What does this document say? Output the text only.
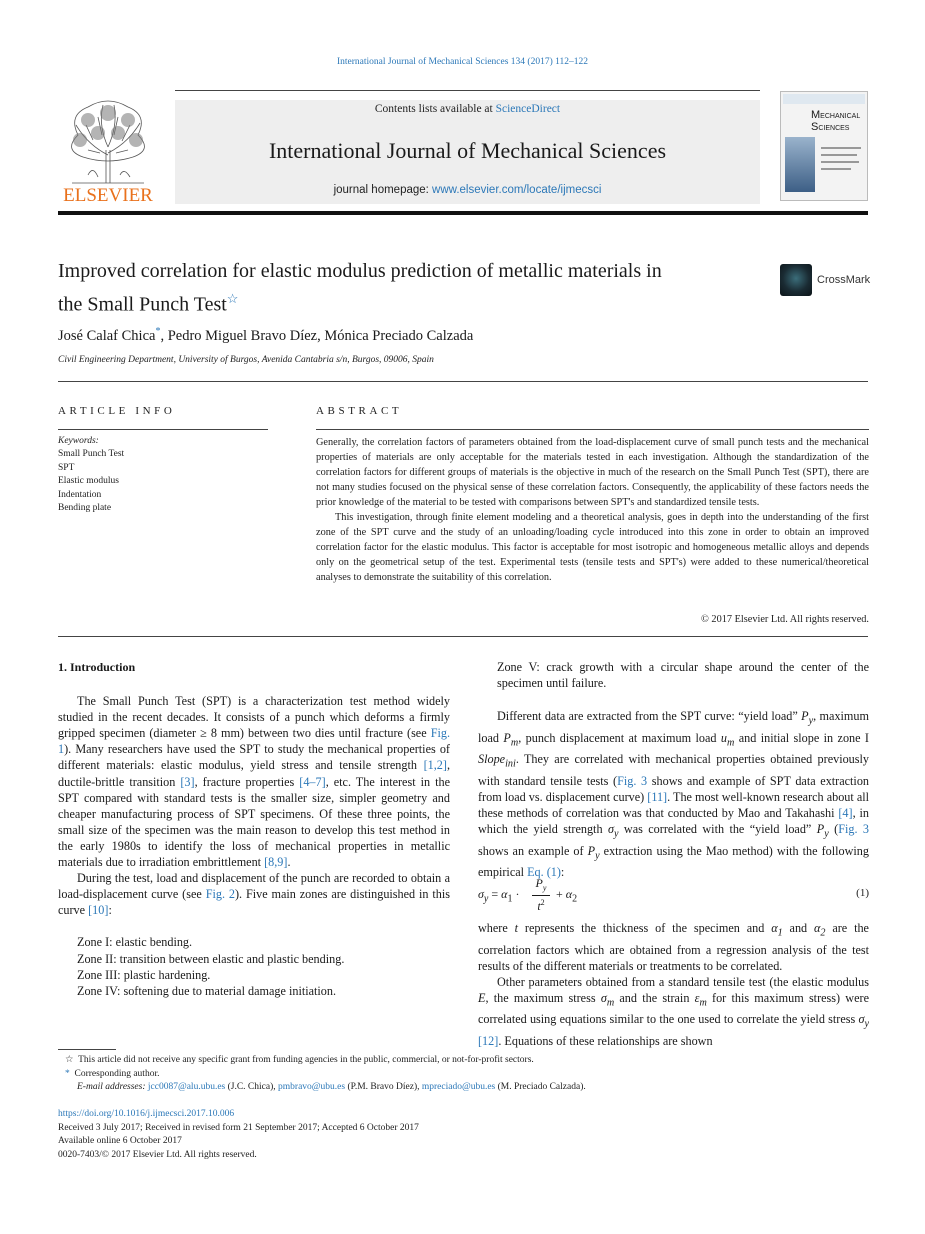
International Journal of Mechanical Sciences 134 (2017) 112–122
ELSEVIER
Contents lists available at ScienceDirect
International Journal of Mechanical Sciences
journal homepage: www.elsevier.com/locate/ijmecsci
MECHANICAL
SCIENCES
Improved correlation for elastic modulus prediction of metallic materials in
the Small Punch Test☆
CrossMark
José Calaf Chica*, Pedro Miguel Bravo Díez, Mónica Preciado Calzada
Civil Engineering Department, University of Burgos, Avenida Cantabria s/n, Burgos, 09006, Spain
ARTICLE INFO
Keywords:
Small Punch Test
SPT
Elastic modulus
Indentation
Bending plate
ABSTRACT

Generally, the correlation factors of parameters obtained from the load-displacement curve of small punch tests and the mechanical properties of materials are only acceptable for the materials tested in each investigation. Although the standardization of the correlation factors for different groups of materials is the objective in much of the research on the Small Punch Test (SPT), there are not many studies focused on the physical sense of these correlation factors. Consequently, the applicability of these factors needs the prior knowledge of the material to be tested with comparisons between SPT's and standardized tensile tests.

This investigation, through finite element modeling and a theoretical analysis, goes in depth into the understanding of the first zone of the SPT curve and the study of an unloading/loading cycle introduced into this zone in order to obtain an improved correlation factor for the elastic modulus. This factor is acceptable for most isotropic and homogeneous metallic alloys and depends only on the geometrical setup of the test. Experimental tests (tensile tests and SPT's) were added to these numerical/theoretical analyses to demonstrate the suitability of this correlation.

© 2017 Elsevier Ltd. All rights reserved.

1. Introduction

The Small Punch Test (SPT) is a characterization test method widely studied in the recent decades. It consists of a punch which deforms a firmly gripped specimen (diameter ≥ 8 mm) between two dies until fracture (see Fig. 1). Many researchers have used the SPT to study the mechanical properties of different materials: elastic modulus, yield stress and tensile strength [1,2], ductile-brittle transition [3], fracture properties [4–7], etc. The interest in the SPT compared with standard tests is the smaller size, simpler geometry and cheaper manufacturing process of SPT specimens. Of these three points, the small size of the specimen was the main reason to develop this test method in the early 1980s to identify the loss of mechanical properties in metallic materials due to irradiation embrittlement [8,9].

During the test, load and displacement of the punch are recorded to obtain a load-displacement curve (see Fig. 2). Five main zones are distinguished in this curve [10]:

Zone I: elastic bending.

Zone II: transition between elastic and plastic bending.

Zone III: plastic hardening.

Zone IV: softening due to material damage initiation.

Zone V: crack growth with a circular shape around the center of the specimen until failure.

Different data are extracted from the SPT curve: “yield load” $P_y$, maximum load $P_m$, punch displacement at maximum load $u_m$ and initial slope in zone I Slope$_{ini}$. They are correlated with mechanical properties obtained previously with standard tensile tests (Fig. 3 shows and example of SPT data extraction from load vs. displacement curve) [11]. The most well-known research about all these methods of correlation was that conducted by Mao and Takahashi [4], in which the yield strength $\sigma_y$ was correlated with the “yield load” $P_y$ (Fig. 3 shows an example of $P_y$ extraction using the Mao method) with the following empirical Eq. (1):

$\sigma_y = \alpha_1$ ·
$P_y$
$t^2$
+ $\alpha_2$	(1)

where t represents the thickness of the specimen and $\alpha_1$ and $\alpha_2$ are the correlation factors which are obtained from a regression analysis of the test results of the different materials or treatments to be correlated.

Other parameters obtained from a standard tensile test (the elastic modulus E, the maximum stress $\sigma_m$ and the strain $\varepsilon_m$ for this maximum stress) were correlated using equations similar to the one used to correlate the yield stress $\sigma_y$ [12]. Equations of these relationships are shown

☆ This article did not receive any specific grant from funding agencies in the public, commercial, or not-for-profit sectors.
* Corresponding author.
E-mail addresses: jcc0087@alu.ubu.es (J.C. Chica), pmbravo@ubu.es (P.M. Bravo Díez), mpreciado@ubu.es (M. Preciado Calzada).
https://doi.org/10.1016/j.ijmecsci.2017.10.006
Received 3 July 2017; Received in revised form 21 September 2017; Accepted 6 October 2017
Available online 6 October 2017
0020-7403/© 2017 Elsevier Ltd. All rights reserved.
